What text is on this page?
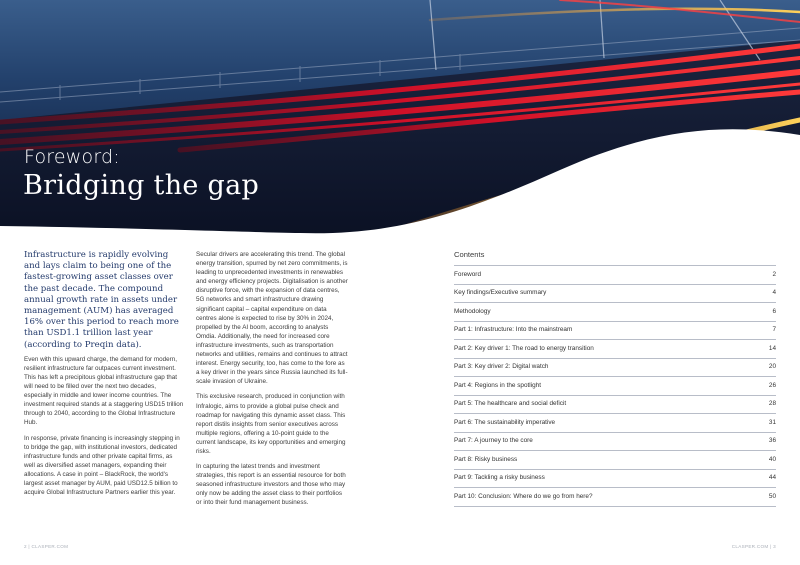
Foreword:
Bridging the gap

Infrastructure is rapidly evolving and lays claim to being one of the fastest-growing asset classes over the past decade. The compound annual growth rate in assets under management (AUM) has averaged 16% over this period to reach more than USD1.1 trillion last year (according to Preqin data).

Even with this upward charge, the demand for modern, resilient infrastructure far outpaces current investment. This has left a precipitous global infrastructure gap that will need to be filled over the next two decades, especially in middle and lower income countries. The investment required stands at a staggering USD15 trillion through to 2040, according to the Global Infrastructure Hub.

In response, private financing is increasingly stepping in to bridge the gap, with institutional investors, dedicated infrastructure funds and other private capital firms, as well as diversified asset managers, expanding their allocations. A case in point – BlackRock, the world's largest asset manager by AUM, paid USD12.5 billion to acquire Global Infrastructure Partners earlier this year.

Secular drivers are accelerating this trend. The global energy transition, spurred by net zero commitments, is leading to unprecedented investments in renewables and energy efficiency projects. Digitalisation is another disruptive force, with the expansion of data centres, 5G networks and smart infrastructure drawing significant capital – capital expenditure on data centres alone is expected to rise by 30% in 2024, propelled by the AI boom, according to analysts Omdia. Additionally, the need for increased core infrastructure investments, such as transportation networks and utilities, remains and continues to attract interest. Energy security, too, has come to the fore as a key driver in the years since Russia launched its full-scale invasion of Ukraine.

This exclusive research, produced in conjunction with Infralogic, aims to provide a global pulse check and roadmap for navigating this dynamic asset class. This report distils insights from senior executives across multiple regions, offering a 10-point guide to the current landscape, its key opportunities and emerging risks.

In capturing the latest trends and investment strategies, this report is an essential resource for both seasoned infrastructure investors and those who may only now be adding the asset class to their portfolios or into their fund management business.

Contents
Foreword	2
Key findings/Executive summary	4
Methodology	6
Part 1: Infrastructure: Into the mainstream	7
Part 2: Key driver 1: The road to energy transition	14
Part 3: Key driver 2: Digital watch	20
Part 4: Regions in the spotlight	26
Part 5: The healthcare and social deficit	28
Part 6: The sustainability imperative	31
Part 7: A journey to the core	36
Part 8: Risky business	40
Part 9: Tackling a risky business	44
Part 10: Conclusion: Where do we go from here?	50
2 | CLASPER.COM	CLASPER.COM | 3
